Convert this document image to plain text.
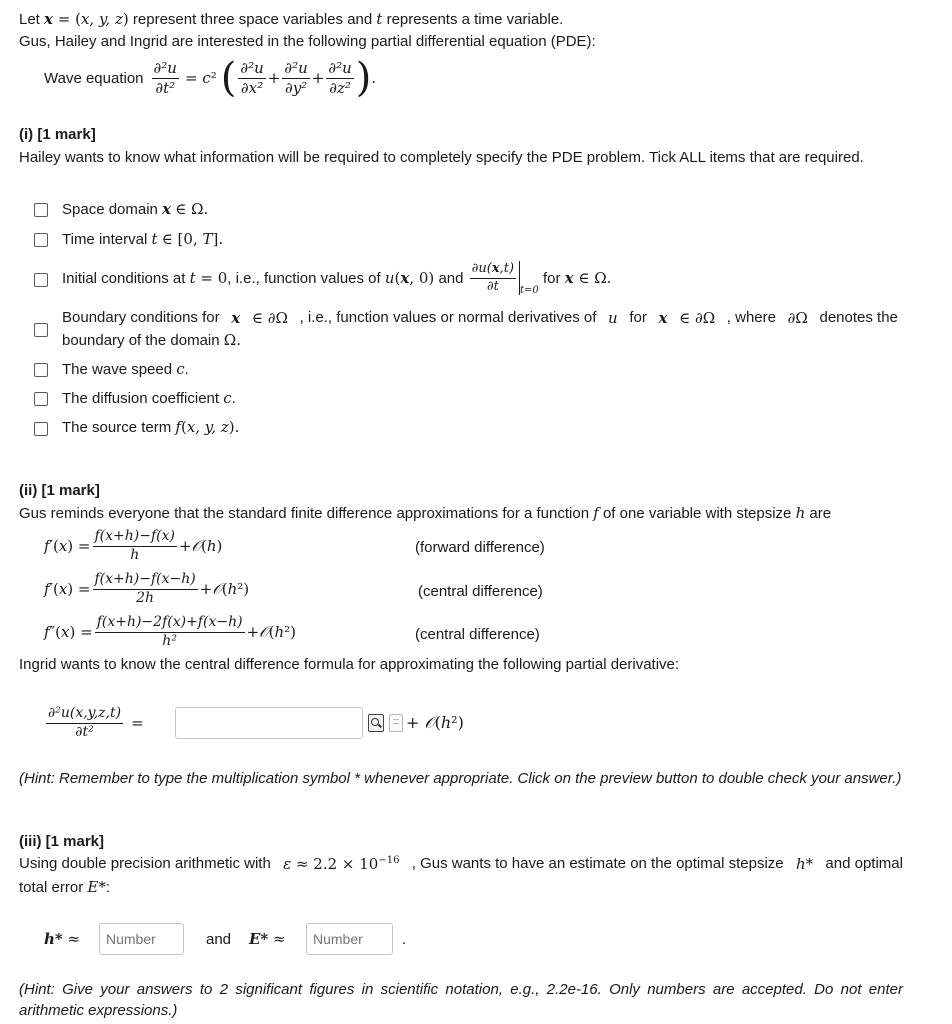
Let x = (x, y, z) represent three space variables and t represents a time variable.
Gus, Hailey and Ingrid are interested in the following partial differential equation (PDE):
Wave equation $\frac{\text{∂²u}}{\text{∂t²}} = c^2$ ( $\frac{\text{∂²u}}{\text{∂x²}} + \frac{\text{∂²u}}{\text{∂y²}} + \frac{\text{∂²u}}{\text{∂z²}}$ ) .
(i) [1 mark]
Hailey wants to know what information will be required to completely specify the PDE problem. Tick ALL items that are required.
Space domain x ∈ Ω.
Time interval t ∈ [0, T].
Initial conditions at
t = 0 , i.e., function values of
u ( x , 0)
and
$\frac{\partial u(x,t)}{\partial t} t=0$

for
x ∈ Ω.
Boundary conditions for x ∈ ∂Ω , i.e., function values or normal derivatives of u for x ∈ ∂Ω , where ∂Ω denotes the
boundary of the domain Ω.
The wave speed c.
The diffusion coefficient c.
The source term f(x, y, z).
(ii) [1 mark]
Gus reminds everyone that the standard finite difference approximations for a function f of one variable with stepsize h are
f′ ( x ) = $\frac{f(x+h)-f(x)}{h}$ + 𝒪 ( h )	(forward difference)
f′ ( x ) = $\frac{f(x+h)-f(x-h)}{2h}$ + 𝒪 ( h ²)	(central difference)
f″ ( x ) = $\frac{f(x+h)-2f(x)+f(x-h)}{\text{h²}}$ + 𝒪 ( h ²)	(central difference)
Ingrid wants to know the central difference formula for approximating the following partial derivative:
$\frac{\text{∂²u(x,y,z,t)}}{\text{∂t²}}$ =	+ 𝒪(h²)
(Hint: Remember to type the multiplication symbol * whenever appropriate. Click on the preview button to double check your answer.)
(iii) [1 mark]
Using double precision arithmetic with $\varepsilon \approx 2.2 \times 10^{-16}$ , Gus wants to have an estimate on the optimal stepsize h* and optimal
total error E*:
h* ≈
Number	and E* ≈
Number	.
(Hint: Give your answers to 2 significant figures in scientific notation, e.g., 2.2e-16. Only numbers are accepted. Do not enter arithmetic expressions.)
